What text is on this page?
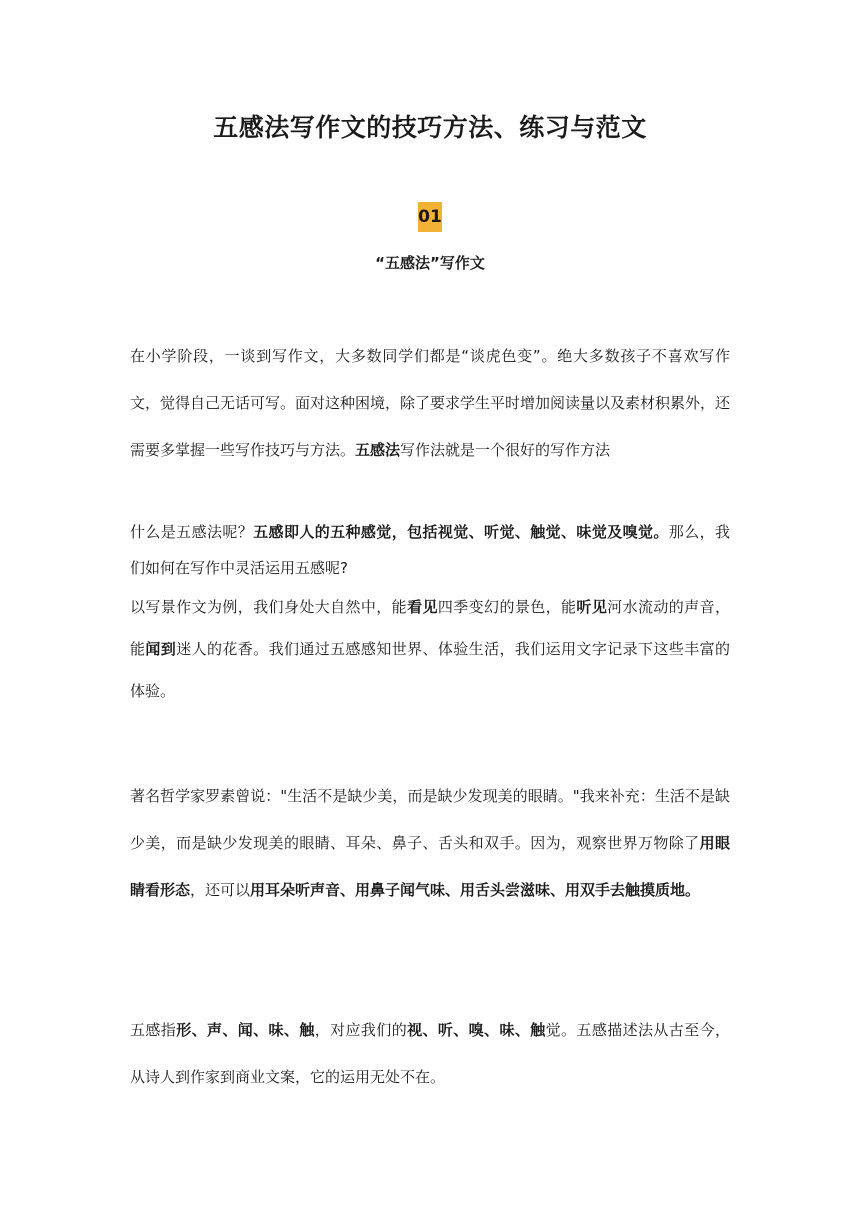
五感法写作文的技巧方法、练习与范文
01
“五感法”写作文

在小学阶段，一谈到写作文，大多数同学们都是“谈虎色变”。绝大多数孩子不喜欢写作文，觉得自己无话可写。面对这种困境，除了要求学生平时增加阅读量以及素材积累外，还需要多掌握一些写作技巧与方法。五感法写作法就是一个很好的写作方法

什么是五感法呢？五感即人的五种感觉，包括视觉、听觉、触觉、味觉及嗅觉。那么，我们如何在写作中灵活运用五感呢?

以写景作文为例，我们身处大自然中，能看见四季变幻的景色，能听见河水流动的声音，能闻到迷人的花香。我们通过五感感知世界、体验生活，我们运用文字记录下这些丰富的体验。

著名哲学家罗素曾说："生活不是缺少美，而是缺少发现美的眼睛。"我来补充：生活不是缺少美，而是缺少发现美的眼睛、耳朵、鼻子、舌头和双手。因为，观察世界万物除了用眼睛看形态，还可以用耳朵听声音、用鼻子闻气味、用舌头尝滋味、用双手去触摸质地。

五感指形、声、闻、味、触，对应我们的视、听、嗅、味、触觉。五感描述法从古至今，从诗人到作家到商业文案，它的运用无处不在。
